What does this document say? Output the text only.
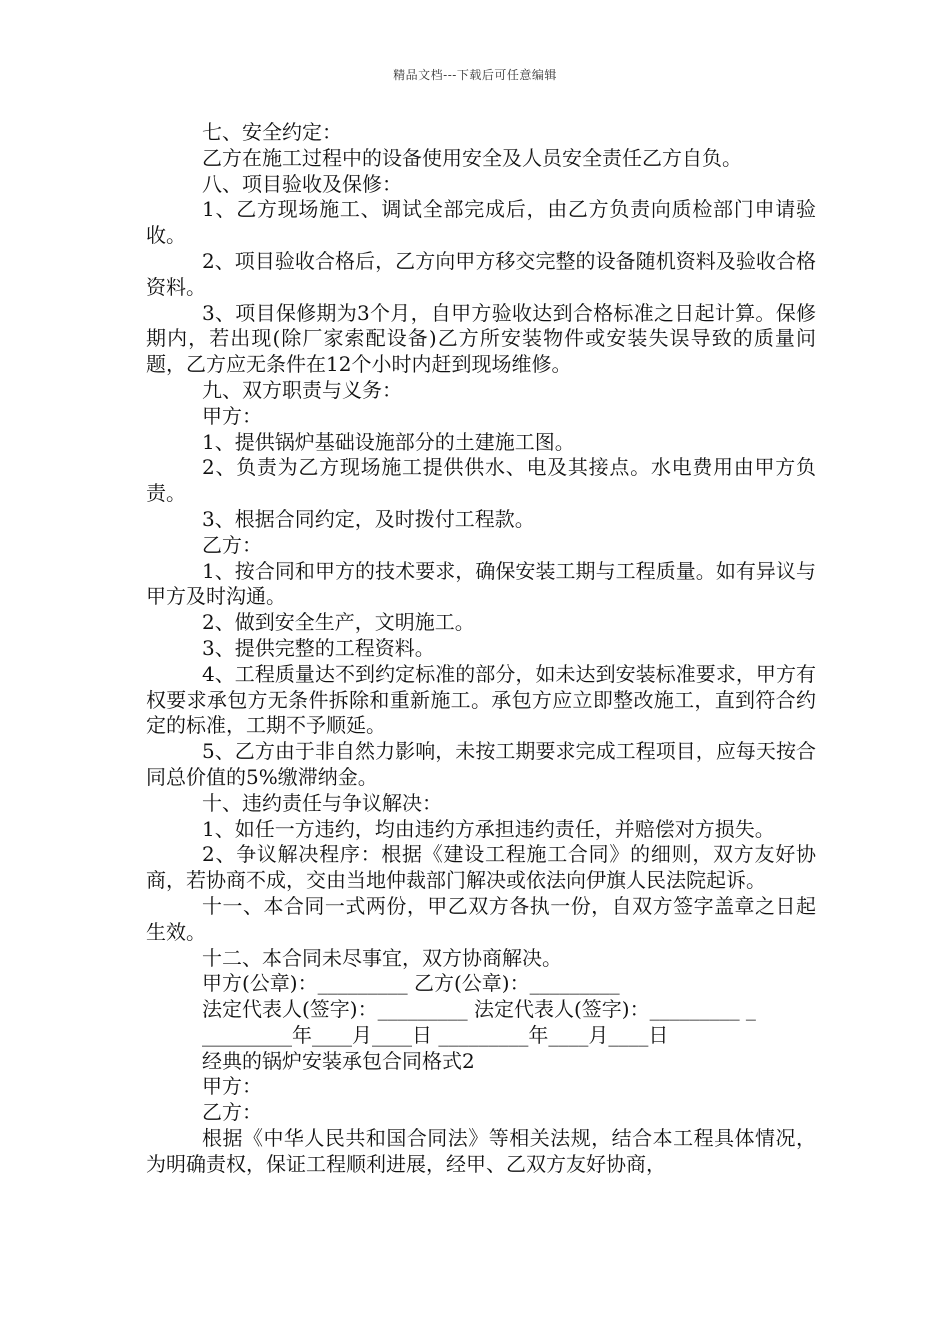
精品文档---下载后可任意编辑

七、安全约定：

乙方在施工过程中的设备使用安全及人员安全责任乙方自负。

八、项目验收及保修：

1、乙方现场施工、调试全部完成后，由乙方负责向质检部门申请验收。

2、项目验收合格后，乙方向甲方移交完整的设备随机资料及验收合格资料。

3、项目保修期为3个月，自甲方验收达到合格标准之日起计算。保修期内，若出现(除厂家索配设备)乙方所安装物件或安装失误导致的质量问题，乙方应无条件在12个小时内赶到现场维修。

九、双方职责与义务：

甲方：

1、提供锅炉基础设施部分的土建施工图。

2、负责为乙方现场施工提供供水、电及其接点。水电费用由甲方负责。

3、根据合同约定，及时拨付工程款。

乙方：

1、按合同和甲方的技术要求，确保安装工期与工程质量。如有异议与甲方及时沟通。

2、做到安全生产，文明施工。

3、提供完整的工程资料。

4、工程质量达不到约定标准的部分，如未达到安装标准要求，甲方有权要求承包方无条件拆除和重新施工。承包方应立即整改施工，直到符合约定的标准，工期不予顺延。

5、乙方由于非自然力影响，未按工期要求完成工程项目，应每天按合同总价值的5%缴滞纳金。

十、违约责任与争议解决：

1、如任一方违约，均由违约方承担违约责任，并赔偿对方损失。

2、争议解决程序：根据《建设工程施工合同》的细则，双方友好协商，若协商不成，交由当地仲裁部门解决或依法向伊旗人民法院起诉。

十一、本合同一式两份，甲乙双方各执一份，自双方签字盖章之日起生效。

十二、本合同未尽事宜，双方协商解决。

甲方(公章)：_________ 乙方(公章)：_________

法定代表人(签字)：_________ 法定代表人(签字)：_________ _

_________年____月____日 _________年____月____日

经典的锅炉安装承包合同格式2

甲方：

乙方：

根据《中华人民共和国合同法》等相关法规，结合本工程具体情况，为明确责权，保证工程顺利进展，经甲、乙双方友好协商，
